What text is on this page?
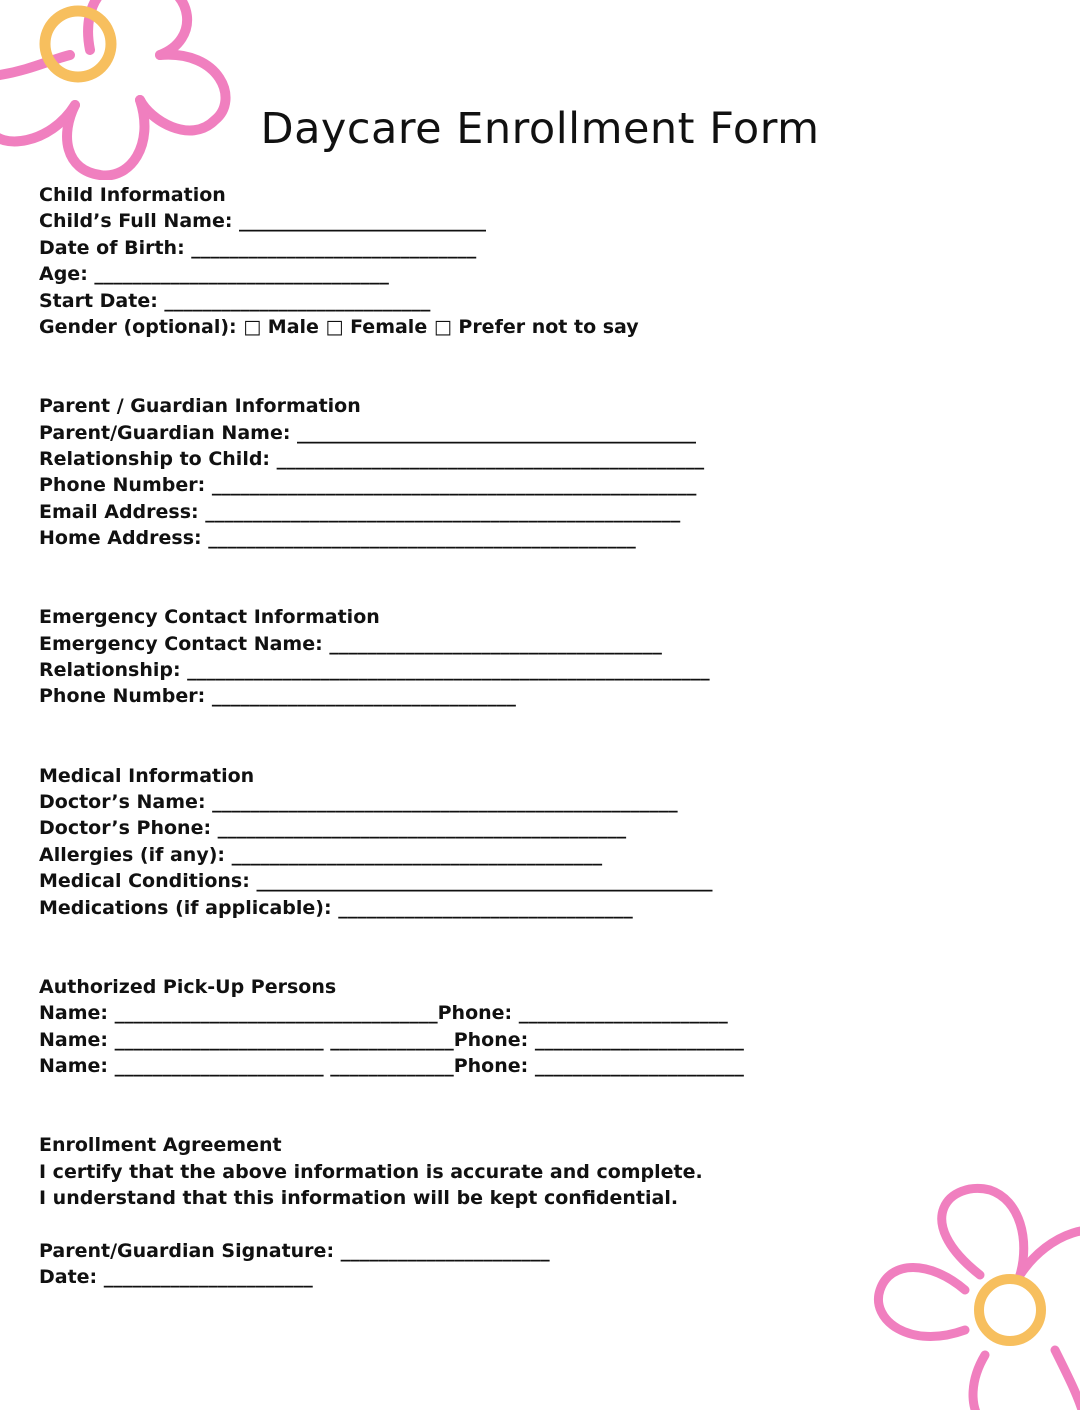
Daycare Enrollment Form
Child Information
Child’s Full Name: __________________________
Date of Birth: ______________________________
Age: _______________________________
Start Date: ____________________________
Gender (optional): □ Male □ Female □ Prefer not to say
Parent / Guardian Information
Parent/Guardian Name: __________________________________________
Relationship to Child: _____________________________________________
Phone Number: ___________________________________________________
Email Address: __________________________________________________
Home Address: _____________________________________________
Emergency Contact Information
Emergency Contact Name: ___________________________________
Relationship: _______________________________________________________
Phone Number: ________________________________
Medical Information
Doctor’s Name: _________________________________________________
Doctor’s Phone: ___________________________________________
Allergies (if any): _______________________________________
Medical Conditions: ________________________________________________
Medications (if applicable): _______________________________
Authorized Pick-Up Persons
Name: __________________________________Phone: ______________________
Name: ______________________ _____________Phone: ______________________
Name: ______________________ _____________Phone: ______________________
Enrollment Agreement
I certify that the above information is accurate and complete.
I understand that this information will be kept confidential.
Parent/Guardian Signature: ______________________
Date: ______________________
